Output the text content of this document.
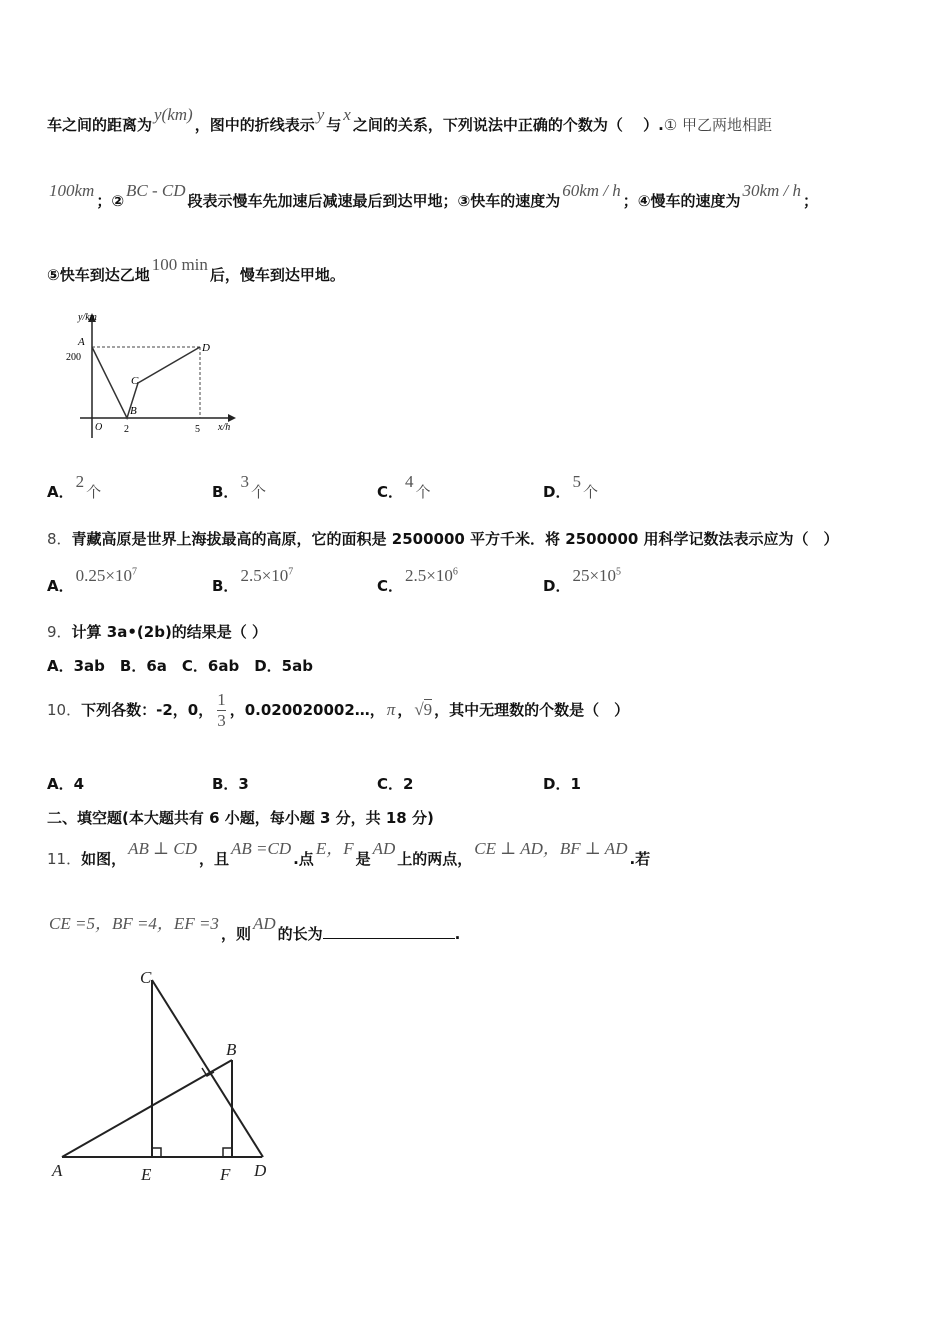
车之间的距离为y(km)，图中的折线表示y与x之间的关系，下列说法中正确的个数为（　 ）.① 甲乙两地相距
100km；②BC - CD段表示慢车先加速后减速最后到达甲地；③快车的速度为60km / h；④慢车的速度为30km / h；
⑤快车到达乙地100 min后，慢车到达甲地。
y/km
x/h
A
200
B
C
D
O 2	5
A．2个	B．3个	C．4个	D．5个
8．青藏高原是世界上海拔最高的高原，它的面积是 2500000 平方千米．将 2500000 用科学记数法表示应为（　）
A．$0.25\times 10^7$
B．$2.5\times 10^7$
C．$2.5\times 10^6$
D．$25\times 10^5$
9．计算 3a•(2b)的结果是（ ）
A．3ab　B．6a　C．6ab　D．5ab
10．下列各数：-2，0， $\frac{1}{3}$ ，0.020020002…， π ， √9 ，其中无理数的个数是（　）
A．4	B．3	C．2	D．1
二、填空题(本大题共有 6 小题，每小题 3 分，共 18 分)
11．如图，AB ⊥ CD，且AB =CD.点E，F是AD上的两点，CE ⊥ AD，BF ⊥ AD.若
CE =5，BF =4，EF =3，则AD的长为	.
C
B
A	E	F D
